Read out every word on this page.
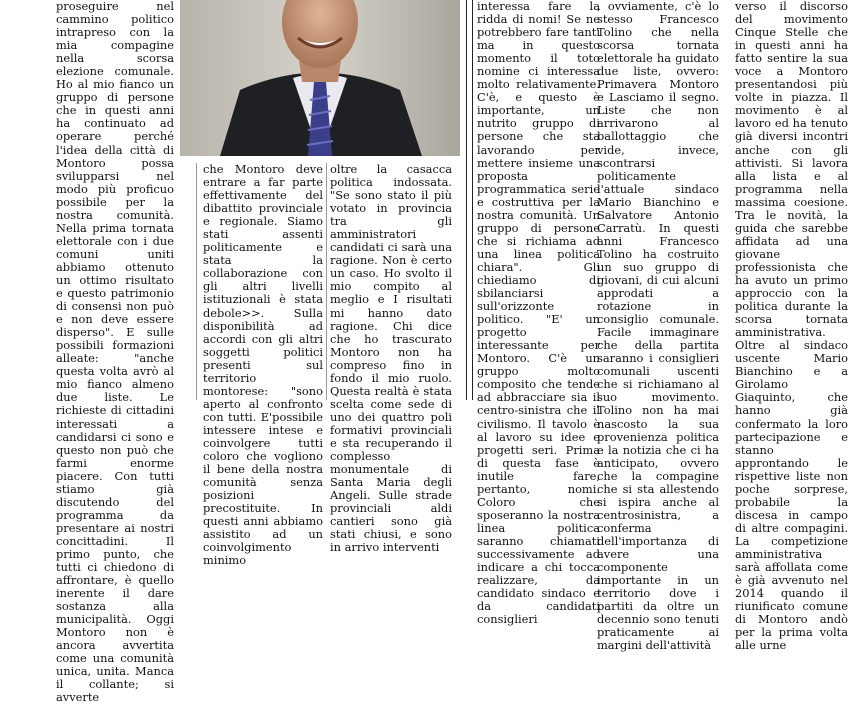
proseguire nel cammino politico intrapreso con la mia compagine nella scorsa elezione comunale. Ho al mio fianco un gruppo di persone che in questi anni ha continuato ad operare perché l'idea della città di Montoro possa svilupparsi nel modo più proficuo possibile per la nostra comunità. Nella prima tornata elettorale con i due comuni uniti abbiamo ottenuto un ottimo risultato e questo patrimonio di consensi non può e non deve essere disperso". E sulle possibili formazioni alleate: "anche questa volta avrò al mio fianco almeno due liste. Le richieste di cittadini interessati a candidarsi ci sono e questo non può che farmi enorme piacere. Con tutti stiamo già discutendo del programma da presentare ai nostri concittadini. Il primo punto, che tutti ci chiedono di affrontare, è quello inerente il dare sostanza alla municipalità. Oggi Montoro non è ancora avvertita come una comunità unica, unita. Manca il collante; si avverte

che Montoro deve entrare a far parte effettivamente del dibattito provinciale e regionale. Siamo stati assenti politicamente e stata la collaborazione con gli altri livelli istituzionali è stata debole>>. Sulla disponibilità ad accordi con gli altri soggetti politici presenti sul territorio montorese: "sono aperto al confronto con tutti. E'possibile intessere intese e coinvolgere tutti coloro che vogliono il bene della nostra comunità senza posizioni precostituite. In questi anni abbiamo assistito ad un coinvolgimento minimo

oltre la casacca politica indossata. "Se sono stato il più votato in provincia tra gli amministratori candidati ci sarà una ragione. Non è certo un caso. Ho svolto il mio compito al meglio e I risultati mi hanno dato ragione. Chi dice che ho trascurato Montoro non ha compreso fino in fondo il mio ruolo. Questa realtà è stata scelta come sede di uno dei quattro poli formativi provinciali e sta recuperando il complesso monumentale di Santa Maria degli Angeli. Sulle strade provinciali aldi cantieri sono già stati chiusi, e sono in arrivo interventi

interessa fare la ridda di nomi! Se ne potrebbero fare tanti ma in questo momento il toto nomine ci interessa molto relativamente. C'è, e questo è importante, un nutrito gruppo di persone che sta lavorando per mettere insieme una proposta programmatica serie e costruttiva per la nostra comunità. Un gruppo di persone che si richiama ad una linea politica chiara". Gli chiediamo di sbilanciarsi sull'orizzonte politico. "E' un progetto interessante per Montoro. C'è un gruppo molto composito che tende ad abbracciare sia il centro-sinistra che il civilismo. Il tavolo è al lavoro su idee e progetti seri. Prima di questa fase è inutile fare, pertanto, nomi. Coloro che sposeranno la nostra linea politica saranno chiamati successivamente ad indicare a chi tocca realizzare, da candidato sindaco e da candidati consiglieri

, ovviamente, c'è lo stesso Francesco Tolino che nella scorsa tornata elettorale ha guidato due liste, ovvero: Primavera Montoro e Lasciamo il segno. Liste che non arrivarono al ballottaggio che vide, invece, scontrarsi politicamente l'attuale sindaco Mario Bianchino e Salvatore Antonio Carratù. In questi anni Francesco Tolino ha costruito un suo gruppo di giovani, di cui alcuni approdati a rotazione in consiglio comunale. Facile immaginare che della partita saranno i consiglieri comunali uscenti che si richiamano al suo movimento. Tolino non ha mai nascosto la sua provenienza politica e la notizia che ci ha anticipato, ovvero che la compagine che si sta allestendo si ispira anche al centrosinistra, a conferma dell'importanza di avere una componente importante in un territorio dove i partiti da oltre un decennio sono tenuti praticamente ai margini dell'attività

verso il discorso del movimento Cinque Stelle che in questi anni ha fatto sentire la sua voce a Montoro presentandosi più volte in piazza. Il movimento è al lavoro ed ha tenuto già diversi incontri anche con gli attivisti. Si lavora alla lista e al programma nella massima coesione. Tra le novità, la guida che sarebbe affidata ad una giovane professionista che ha avuto un primo approccio con la politica durante la scorsa tornata amministrativa. Oltre al sindaco uscente Mario Bianchino e a Girolamo Giaquinto, che hanno già confermato la loro partecipazione e stanno approntando le rispettive liste non poche sorprese, probabile la discesa in campo di altre compagini. La competizione amministrativa sarà affollata come è già avvenuto nel 2014 quando il riunificato comune di Montoro andò per la prima volta alle urne
